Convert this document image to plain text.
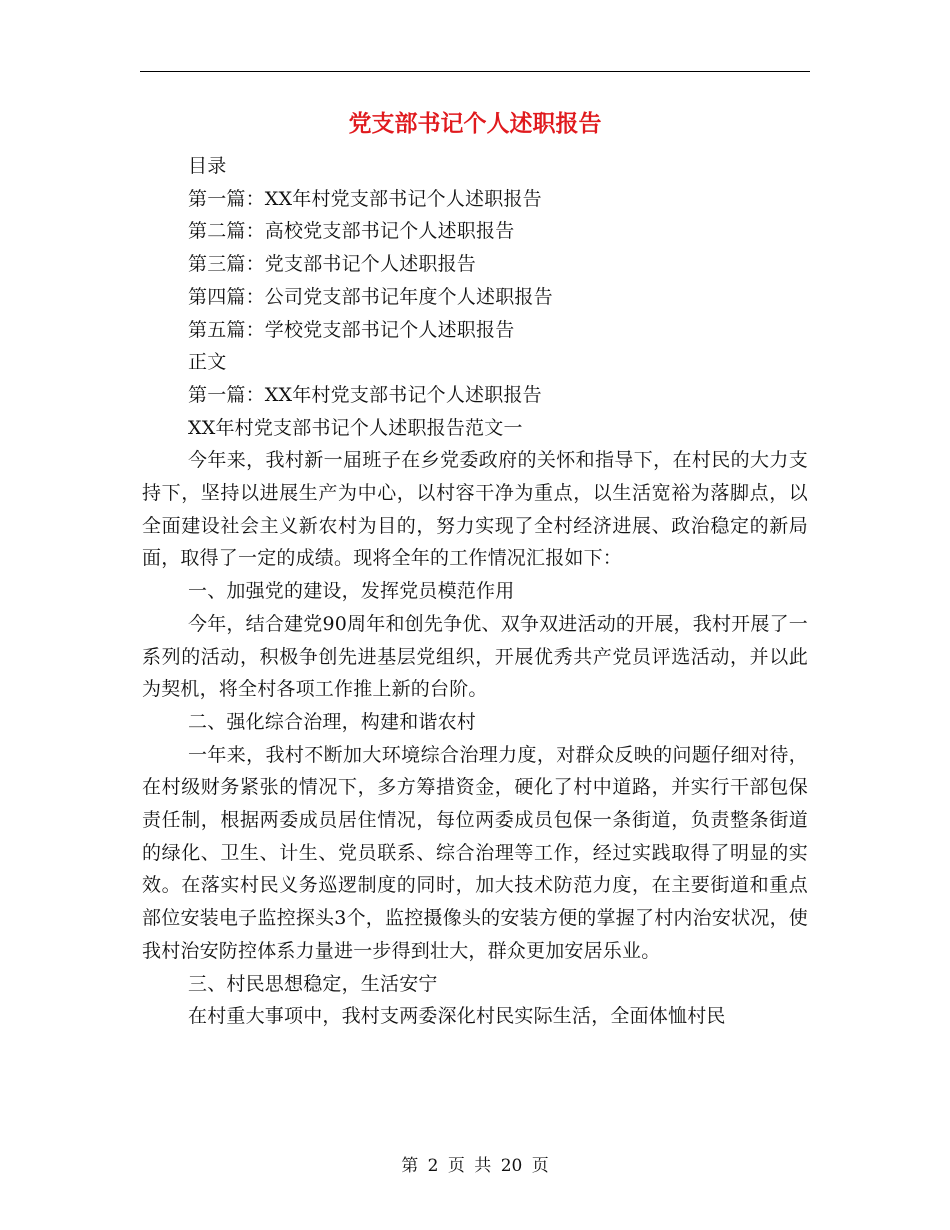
党支部书记个人述职报告

目录

第一篇：XX年村党支部书记个人述职报告

第二篇：高校党支部书记个人述职报告

第三篇：党支部书记个人述职报告

第四篇：公司党支部书记年度个人述职报告

第五篇：学校党支部书记个人述职报告

正文

第一篇：XX年村党支部书记个人述职报告

XX年村党支部书记个人述职报告范文一

今年来，我村新一届班子在乡党委政府的关怀和指导下，在村民的大力支持下，坚持以进展生产为中心，以村容干净为重点，以生活宽裕为落脚点，以全面建设社会主义新农村为目的，努力实现了全村经济进展、政治稳定的新局面，取得了一定的成绩。现将全年的工作情况汇报如下：

一、加强党的建设，发挥党员模范作用

今年，结合建党90周年和创先争优、双争双进活动的开展，我村开展了一系列的活动，积极争创先进基层党组织，开展优秀共产党员评选活动，并以此为契机，将全村各项工作推上新的台阶。

二、强化综合治理，构建和谐农村

一年来，我村不断加大环境综合治理力度，对群众反映的问题仔细对待，在村级财务紧张的情况下，多方筹措资金，硬化了村中道路，并实行干部包保责任制，根据两委成员居住情况，每位两委成员包保一条街道，负责整条街道的绿化、卫生、计生、党员联系、综合治理等工作，经过实践取得了明显的实效。在落实村民义务巡逻制度的同时，加大技术防范力度，在主要街道和重点部位安装电子监控探头3个，监控摄像头的安装方便的掌握了村内治安状况，使我村治安防控体系力量进一步得到壮大，群众更加安居乐业。

三、村民思想稳定，生活安宁

在村重大事项中，我村支两委深化村民实际生活，全面体恤村民

第 2 页 共 20 页
